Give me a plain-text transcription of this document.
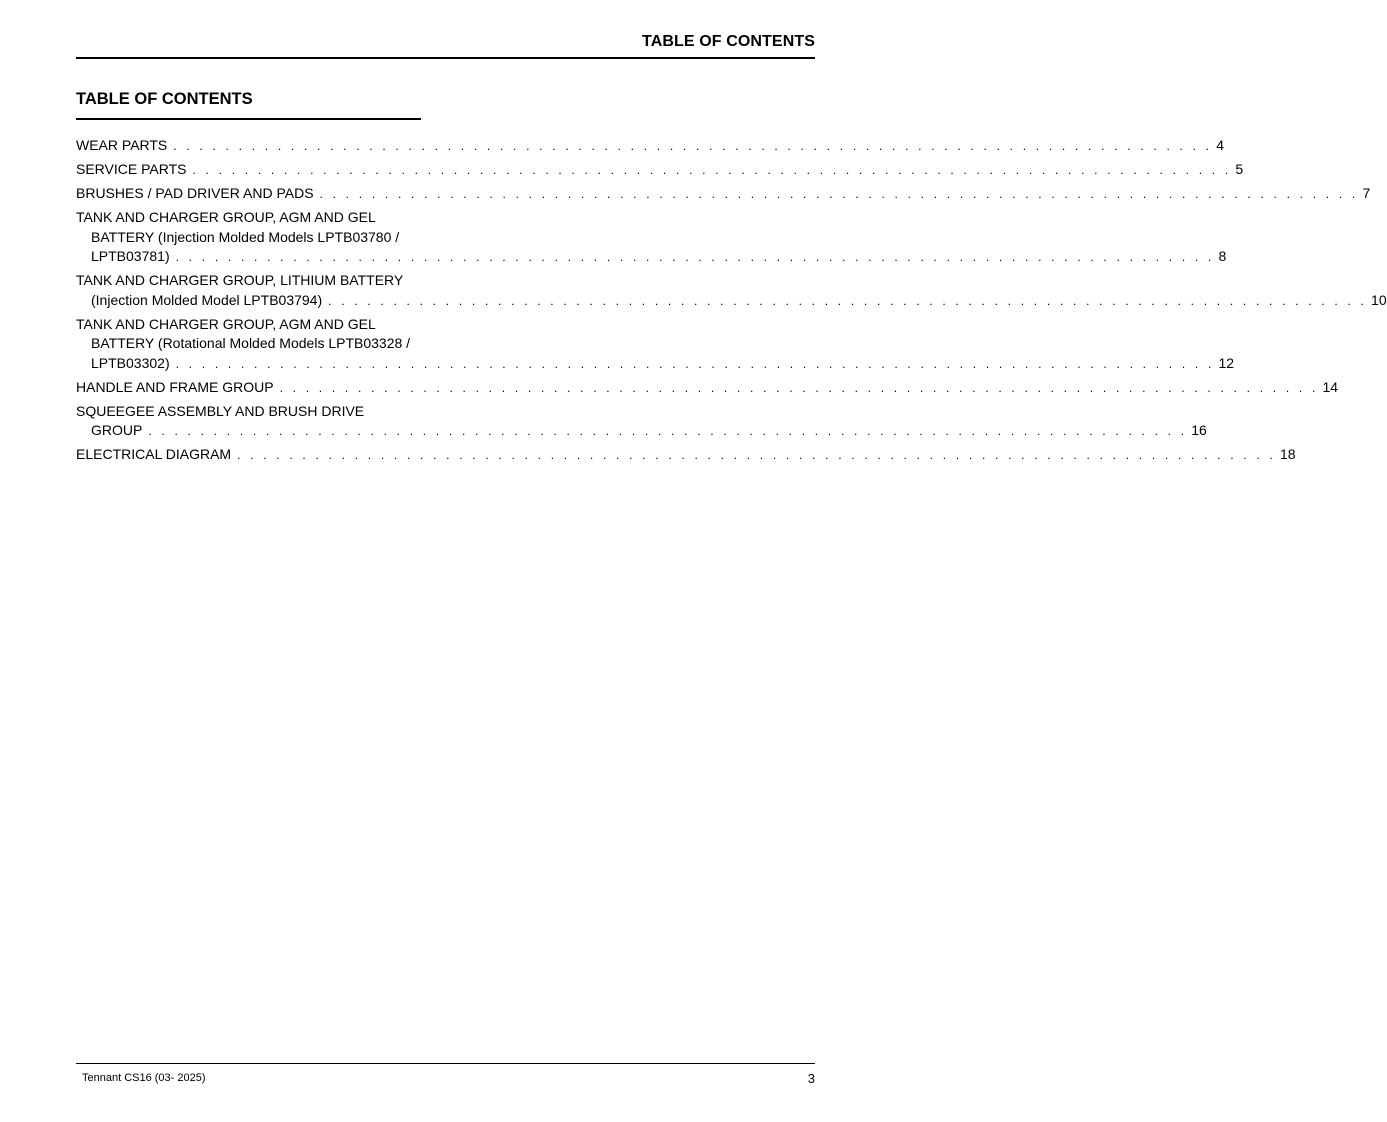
TABLE OF CONTENTS
TABLE OF CONTENTS
WEAR PARTS . . . . . . . . . . . . . . . . . . . . . . . . . . . . . . . . . . . . . . . . . . . . . . . . . . . . . . . . . . . . . . . . . . . . . . . . . . . . . . . . 4
SERVICE PARTS . . . . . . . . . . . . . . . . . . . . . . . . . . . . . . . . . . . . . . . . . . . . . . . . . . . . . . . . . . . . . . . . . . . . . . . . . . . . . . . . 5
BRUSHES / PAD DRIVER AND PADS . . . . . . . . . . . . . . . . . . . . . . . . . . . . . . . . . . . . . . . . . . . . . . . . . . . . . . . . . . . . . . . . . . . . . . . . . . . . . . . . 7
TANK AND CHARGER GROUP, AGM AND GEL
BATTERY (Injection Molded Models LPTB03780 /
LPTB03781) . . . . . . . . . . . . . . . . . . . . . . . . . . . . . . . . . . . . . . . . . . . . . . . . . . . . . . . . . . . . . . . . . . . . . . . . . . . . . . . . 8
TANK AND CHARGER GROUP, LITHIUM BATTERY
(Injection Molded Model LPTB03794) . . . . . . . . . . . . . . . . . . . . . . . . . . . . . . . . . . . . . . . . . . . . . . . . . . . . . . . . . . . . . . . . . . . . . . . . . . . . . . . . 10
TANK AND CHARGER GROUP, AGM AND GEL
BATTERY (Rotational Molded Models LPTB03328 /
LPTB03302) . . . . . . . . . . . . . . . . . . . . . . . . . . . . . . . . . . . . . . . . . . . . . . . . . . . . . . . . . . . . . . . . . . . . . . . . . . . . . . . . 12
HANDLE AND FRAME GROUP . . . . . . . . . . . . . . . . . . . . . . . . . . . . . . . . . . . . . . . . . . . . . . . . . . . . . . . . . . . . . . . . . . . . . . . . . . . . . . . . 14
SQUEEGEE ASSEMBLY AND BRUSH DRIVE
GROUP . . . . . . . . . . . . . . . . . . . . . . . . . . . . . . . . . . . . . . . . . . . . . . . . . . . . . . . . . . . . . . . . . . . . . . . . . . . . . . . . 16
ELECTRICAL DIAGRAM . . . . . . . . . . . . . . . . . . . . . . . . . . . . . . . . . . . . . . . . . . . . . . . . . . . . . . . . . . . . . . . . . . . . . . . . . . . . . . . . 18
Tennant CS16 (03- 2025)	3
